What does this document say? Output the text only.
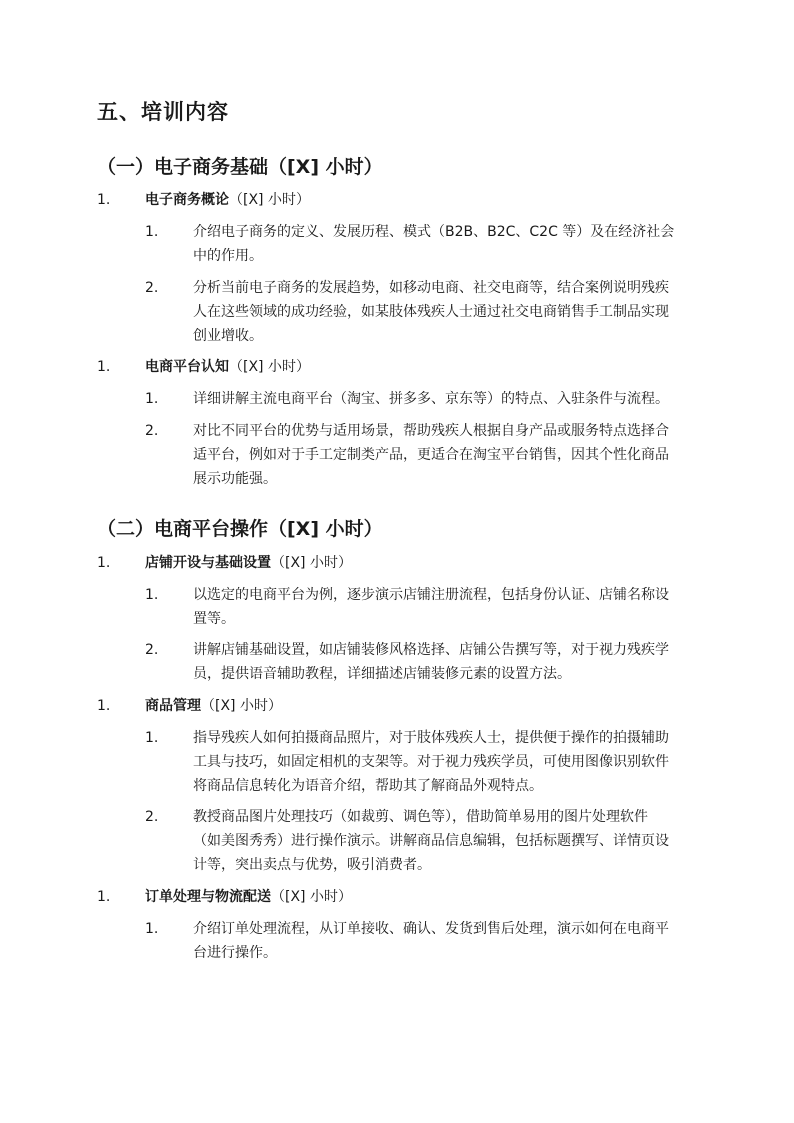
五、培训内容
（一）电子商务基础（[X] 小时）
1. 电子商务概论（[X] 小时）
1. 介绍电子商务的定义、发展历程、模式（B2B、B2C、C2C 等）及在经济社会
中的作用。
2. 分析当前电子商务的发展趋势，如移动电商、社交电商等，结合案例说明残疾
人在这些领域的成功经验，如某肢体残疾人士通过社交电商销售手工制品实现
创业增收。
1. 电商平台认知（[X] 小时）
1. 详细讲解主流电商平台（淘宝、拼多多、京东等）的特点、入驻条件与流程。
2. 对比不同平台的优势与适用场景，帮助残疾人根据自身产品或服务特点选择合
适平台，例如对于手工定制类产品，更适合在淘宝平台销售，因其个性化商品
展示功能强。
（二）电商平台操作（[X] 小时）
1. 店铺开设与基础设置（[X] 小时）
1. 以选定的电商平台为例，逐步演示店铺注册流程，包括身份认证、店铺名称设
置等。
2. 讲解店铺基础设置，如店铺装修风格选择、店铺公告撰写等，对于视力残疾学
员，提供语音辅助教程，详细描述店铺装修元素的设置方法。
1. 商品管理（[X] 小时）
1. 指导残疾人如何拍摄商品照片，对于肢体残疾人士，提供便于操作的拍摄辅助
工具与技巧，如固定相机的支架等。对于视力残疾学员，可使用图像识别软件
将商品信息转化为语音介绍，帮助其了解商品外观特点。
2. 教授商品图片处理技巧（如裁剪、调色等），借助简单易用的图片处理软件
（如美图秀秀）进行操作演示。讲解商品信息编辑，包括标题撰写、详情页设
计等，突出卖点与优势，吸引消费者。
1. 订单处理与物流配送（[X] 小时）
1. 介绍订单处理流程，从订单接收、确认、发货到售后处理，演示如何在电商平
台进行操作。
